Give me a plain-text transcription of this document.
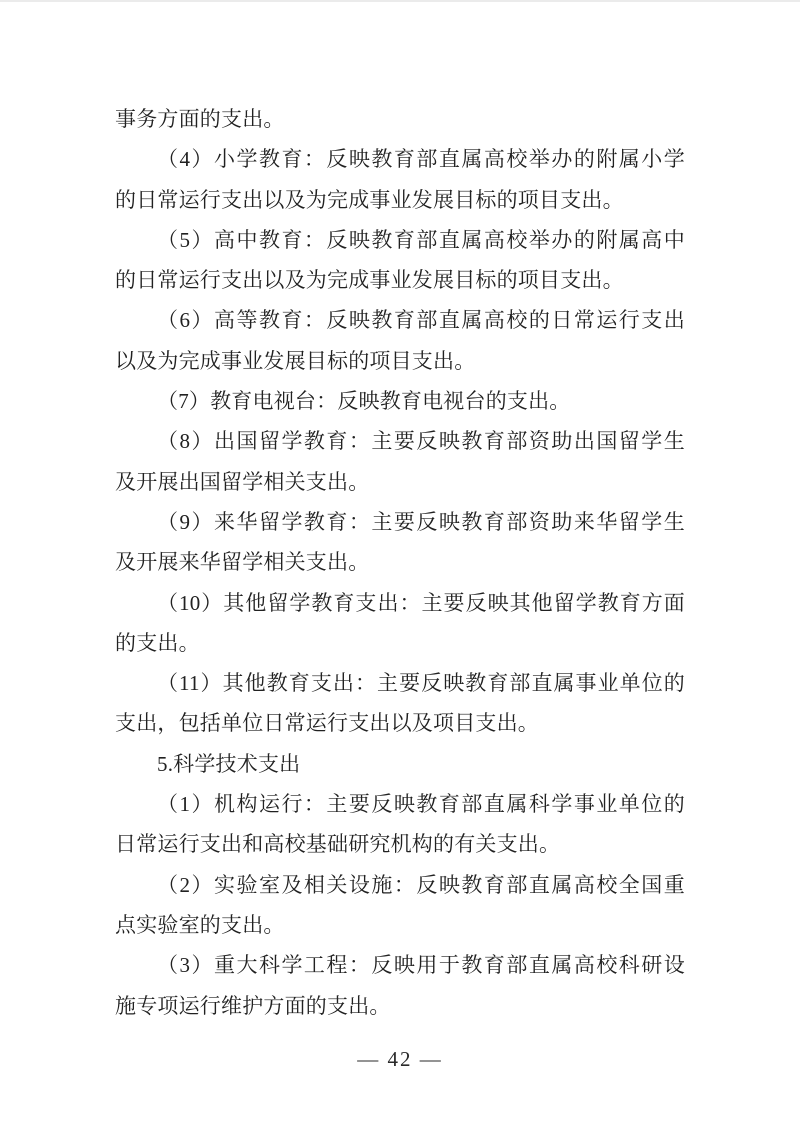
事务方面的支出。
（4）小学教育：反映教育部直属高校举办的附属小学
的日常运行支出以及为完成事业发展目标的项目支出。
（5）高中教育：反映教育部直属高校举办的附属高中
的日常运行支出以及为完成事业发展目标的项目支出。
（6）高等教育：反映教育部直属高校的日常运行支出
以及为完成事业发展目标的项目支出。
（7）教育电视台：反映教育电视台的支出。
（8）出国留学教育：主要反映教育部资助出国留学生
及开展出国留学相关支出。
（9）来华留学教育：主要反映教育部资助来华留学生
及开展来华留学相关支出。
（10）其他留学教育支出：主要反映其他留学教育方面
的支出。
（11）其他教育支出：主要反映教育部直属事业单位的
支出，包括单位日常运行支出以及项目支出。
5.科学技术支出
（1）机构运行：主要反映教育部直属科学事业单位的
日常运行支出和高校基础研究机构的有关支出。
（2）实验室及相关设施：反映教育部直属高校全国重
点实验室的支出。
（3）重大科学工程：反映用于教育部直属高校科研设
施专项运行维护方面的支出。
— 42 —
